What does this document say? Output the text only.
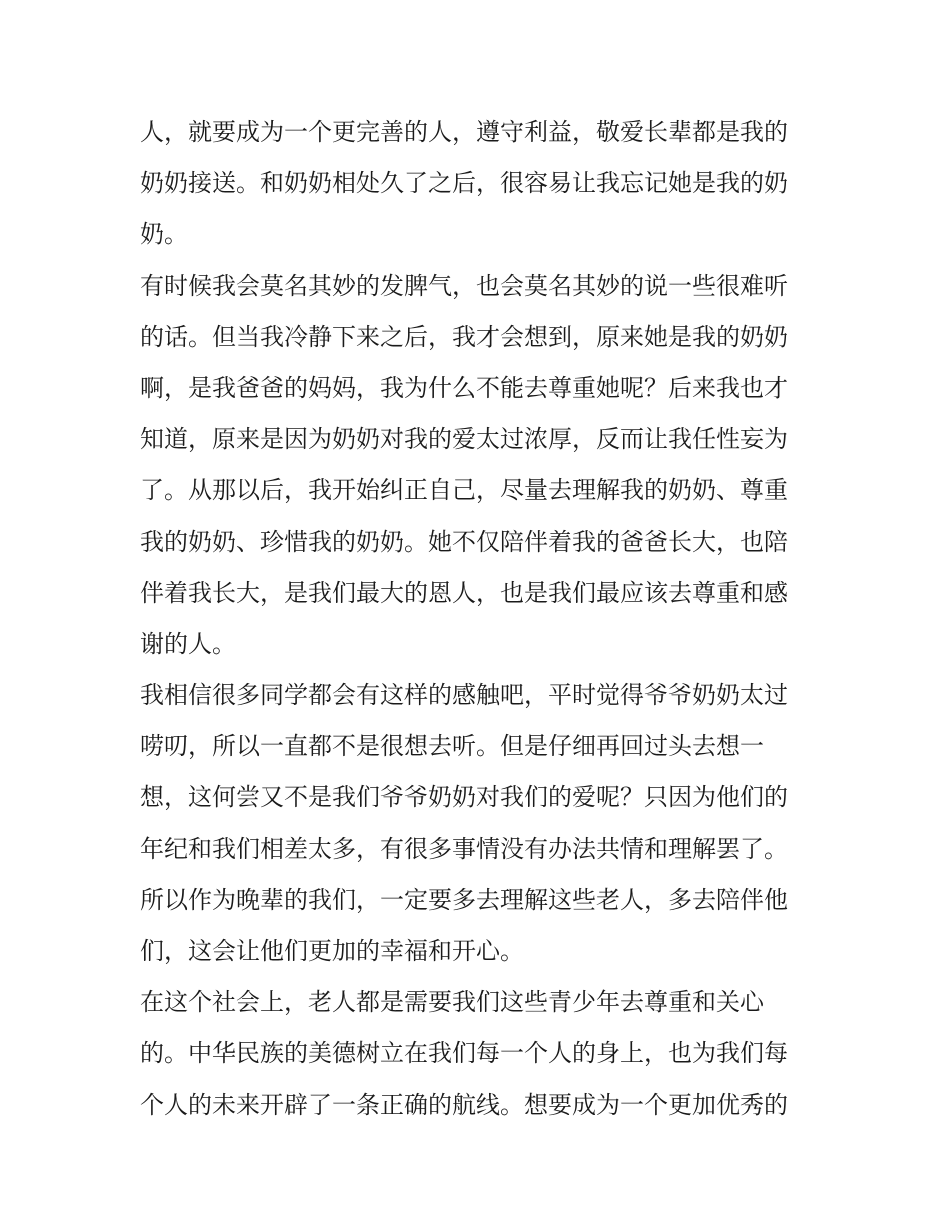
人，就要成为一个更完善的人，遵守利益，敬爱长辈都是我的
奶奶接送。和奶奶相处久了之后，很容易让我忘记她是我的奶
奶。
有时候我会莫名其妙的发脾气，也会莫名其妙的说一些很难听
的话。但当我冷静下来之后，我才会想到，原来她是我的奶奶
啊，是我爸爸的妈妈，我为什么不能去尊重她呢？后来我也才
知道，原来是因为奶奶对我的爱太过浓厚，反而让我任性妄为
了。从那以后，我开始纠正自己，尽量去理解我的奶奶、尊重
我的奶奶、珍惜我的奶奶。她不仅陪伴着我的爸爸长大，也陪
伴着我长大，是我们最大的恩人，也是我们最应该去尊重和感
谢的人。
我相信很多同学都会有这样的感触吧，平时觉得爷爷奶奶太过
唠叨，所以一直都不是很想去听。但是仔细再回过头去想一
想，这何尝又不是我们爷爷奶奶对我们的爱呢？只因为他们的
年纪和我们相差太多，有很多事情没有办法共情和理解罢了。
所以作为晚辈的我们，一定要多去理解这些老人，多去陪伴他
们，这会让他们更加的幸福和开心。
在这个社会上，老人都是需要我们这些青少年去尊重和关心
的。中华民族的美德树立在我们每一个人的身上，也为我们每
个人的未来开辟了一条正确的航线。想要成为一个更加优秀的
